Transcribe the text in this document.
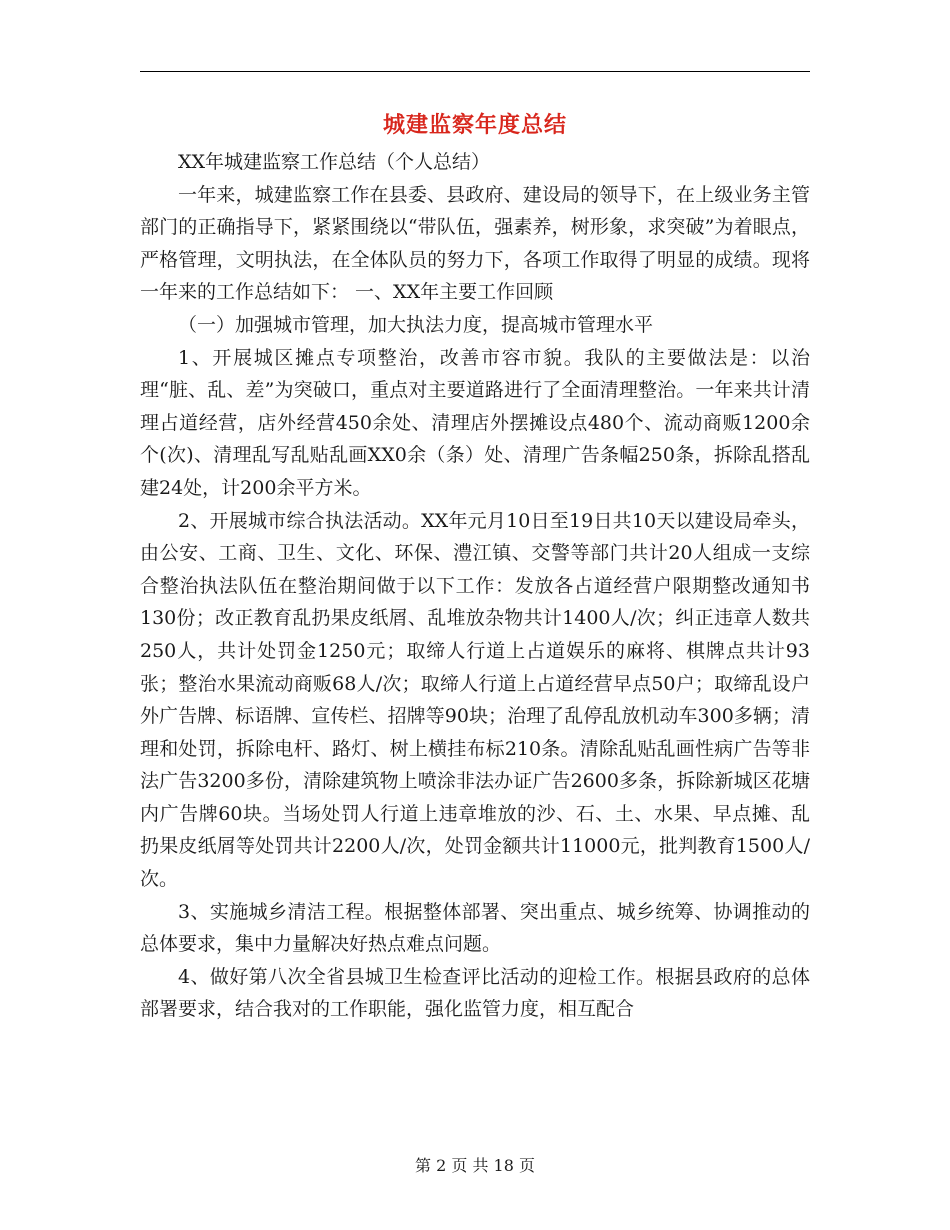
城建监察年度总结

XX年城建监察工作总结（个人总结）

一年来，城建监察工作在县委、县政府、建设局的领导下，在上级业务主管部门的正确指导下，紧紧围绕以“带队伍，强素养，树形象，求突破”为着眼点，严格管理，文明执法，在全体队员的努力下，各项工作取得了明显的成绩。现将一年来的工作总结如下： 一、XX年主要工作回顾

（一）加强城市管理，加大执法力度，提高城市管理水平

1、开展城区摊点专项整治，改善市容市貌。我队的主要做法是：以治理“脏、乱、差”为突破口，重点对主要道路进行了全面清理整治。一年来共计清理占道经营，店外经营450余处、清理店外摆摊设点480个、流动商贩1200余个(次)、清理乱写乱贴乱画XX0余（条）处、清理广告条幅250条，拆除乱搭乱建24处，计200余平方米。

2、开展城市综合执法活动。XX年元月10日至19日共10天以建设局牵头，由公安、工商、卫生、文化、环保、澧江镇、交警等部门共计20人组成一支综合整治执法队伍在整治期间做于以下工作：发放各占道经营户限期整改通知书130份；改正教育乱扔果皮纸屑、乱堆放杂物共计1400人/次；纠正违章人数共250人，共计处罚金1250元；取缔人行道上占道娱乐的麻将、棋牌点共计93张；整治水果流动商贩68人/次；取缔人行道上占道经营早点50户；取缔乱设户外广告牌、标语牌、宣传栏、招牌等90块；治理了乱停乱放机动车300多辆；清理和处罚，拆除电杆、路灯、树上横挂布标210条。清除乱贴乱画性病广告等非法广告3200多份，清除建筑物上喷涂非法办证广告2600多条，拆除新城区花塘内广告牌60块。当场处罚人行道上违章堆放的沙、石、土、水果、早点摊、乱扔果皮纸屑等处罚共计2200人/次，处罚金额共计11000元，批判教育1500人/次。

3、实施城乡清洁工程。根据整体部署、突出重点、城乡统筹、协调推动的总体要求，集中力量解决好热点难点问题。

4、做好第八次全省县城卫生检查评比活动的迎检工作。根据县政府的总体部署要求，结合我对的工作职能，强化监管力度，相互配合

第 2 页 共 18 页
